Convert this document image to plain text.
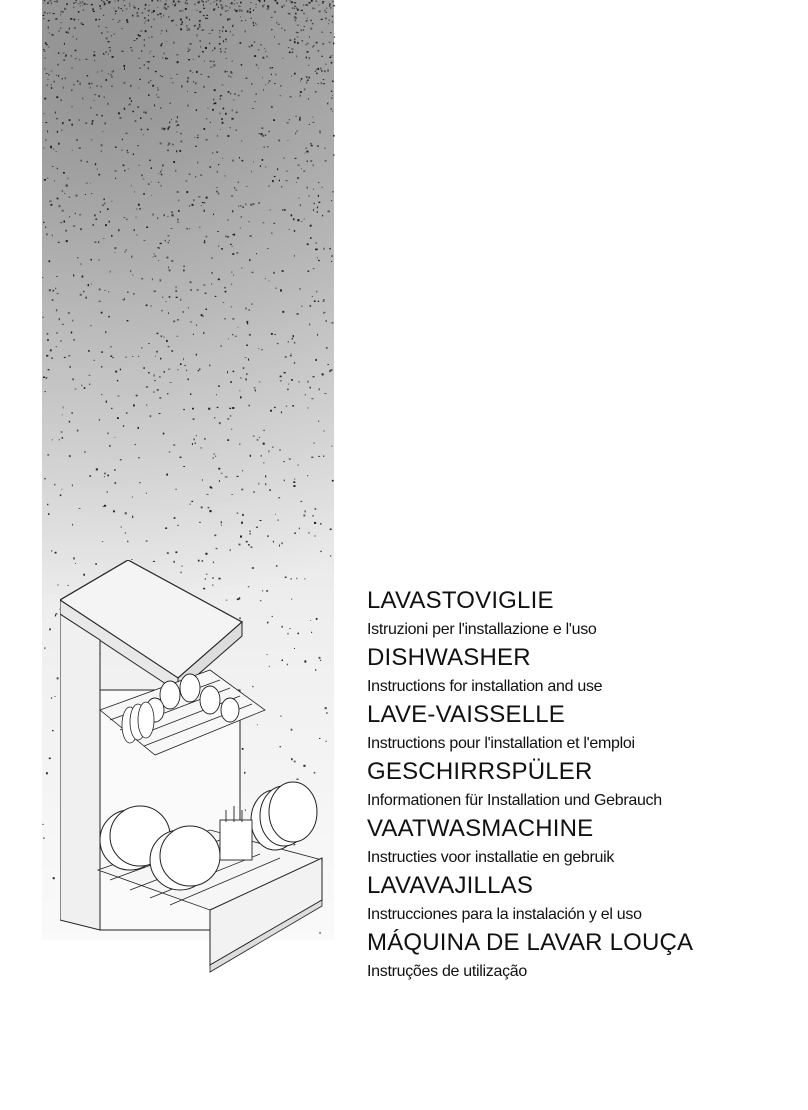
LAVASTOVIGLIE

Istruzioni per l'installazione e l'uso

DISHWASHER

Instructions for installation and use

LAVE-VAISSELLE

Instructions pour l'installation et l'emploi

GESCHIRRSPÜLER

Informationen für Installation und Gebrauch

VAATWASMACHINE

Instructies voor installatie en gebruik

LAVAVAJILLAS

Instrucciones para la instalación y el uso

MÁQUINA DE LAVAR LOUÇA

Instruções de utilização
